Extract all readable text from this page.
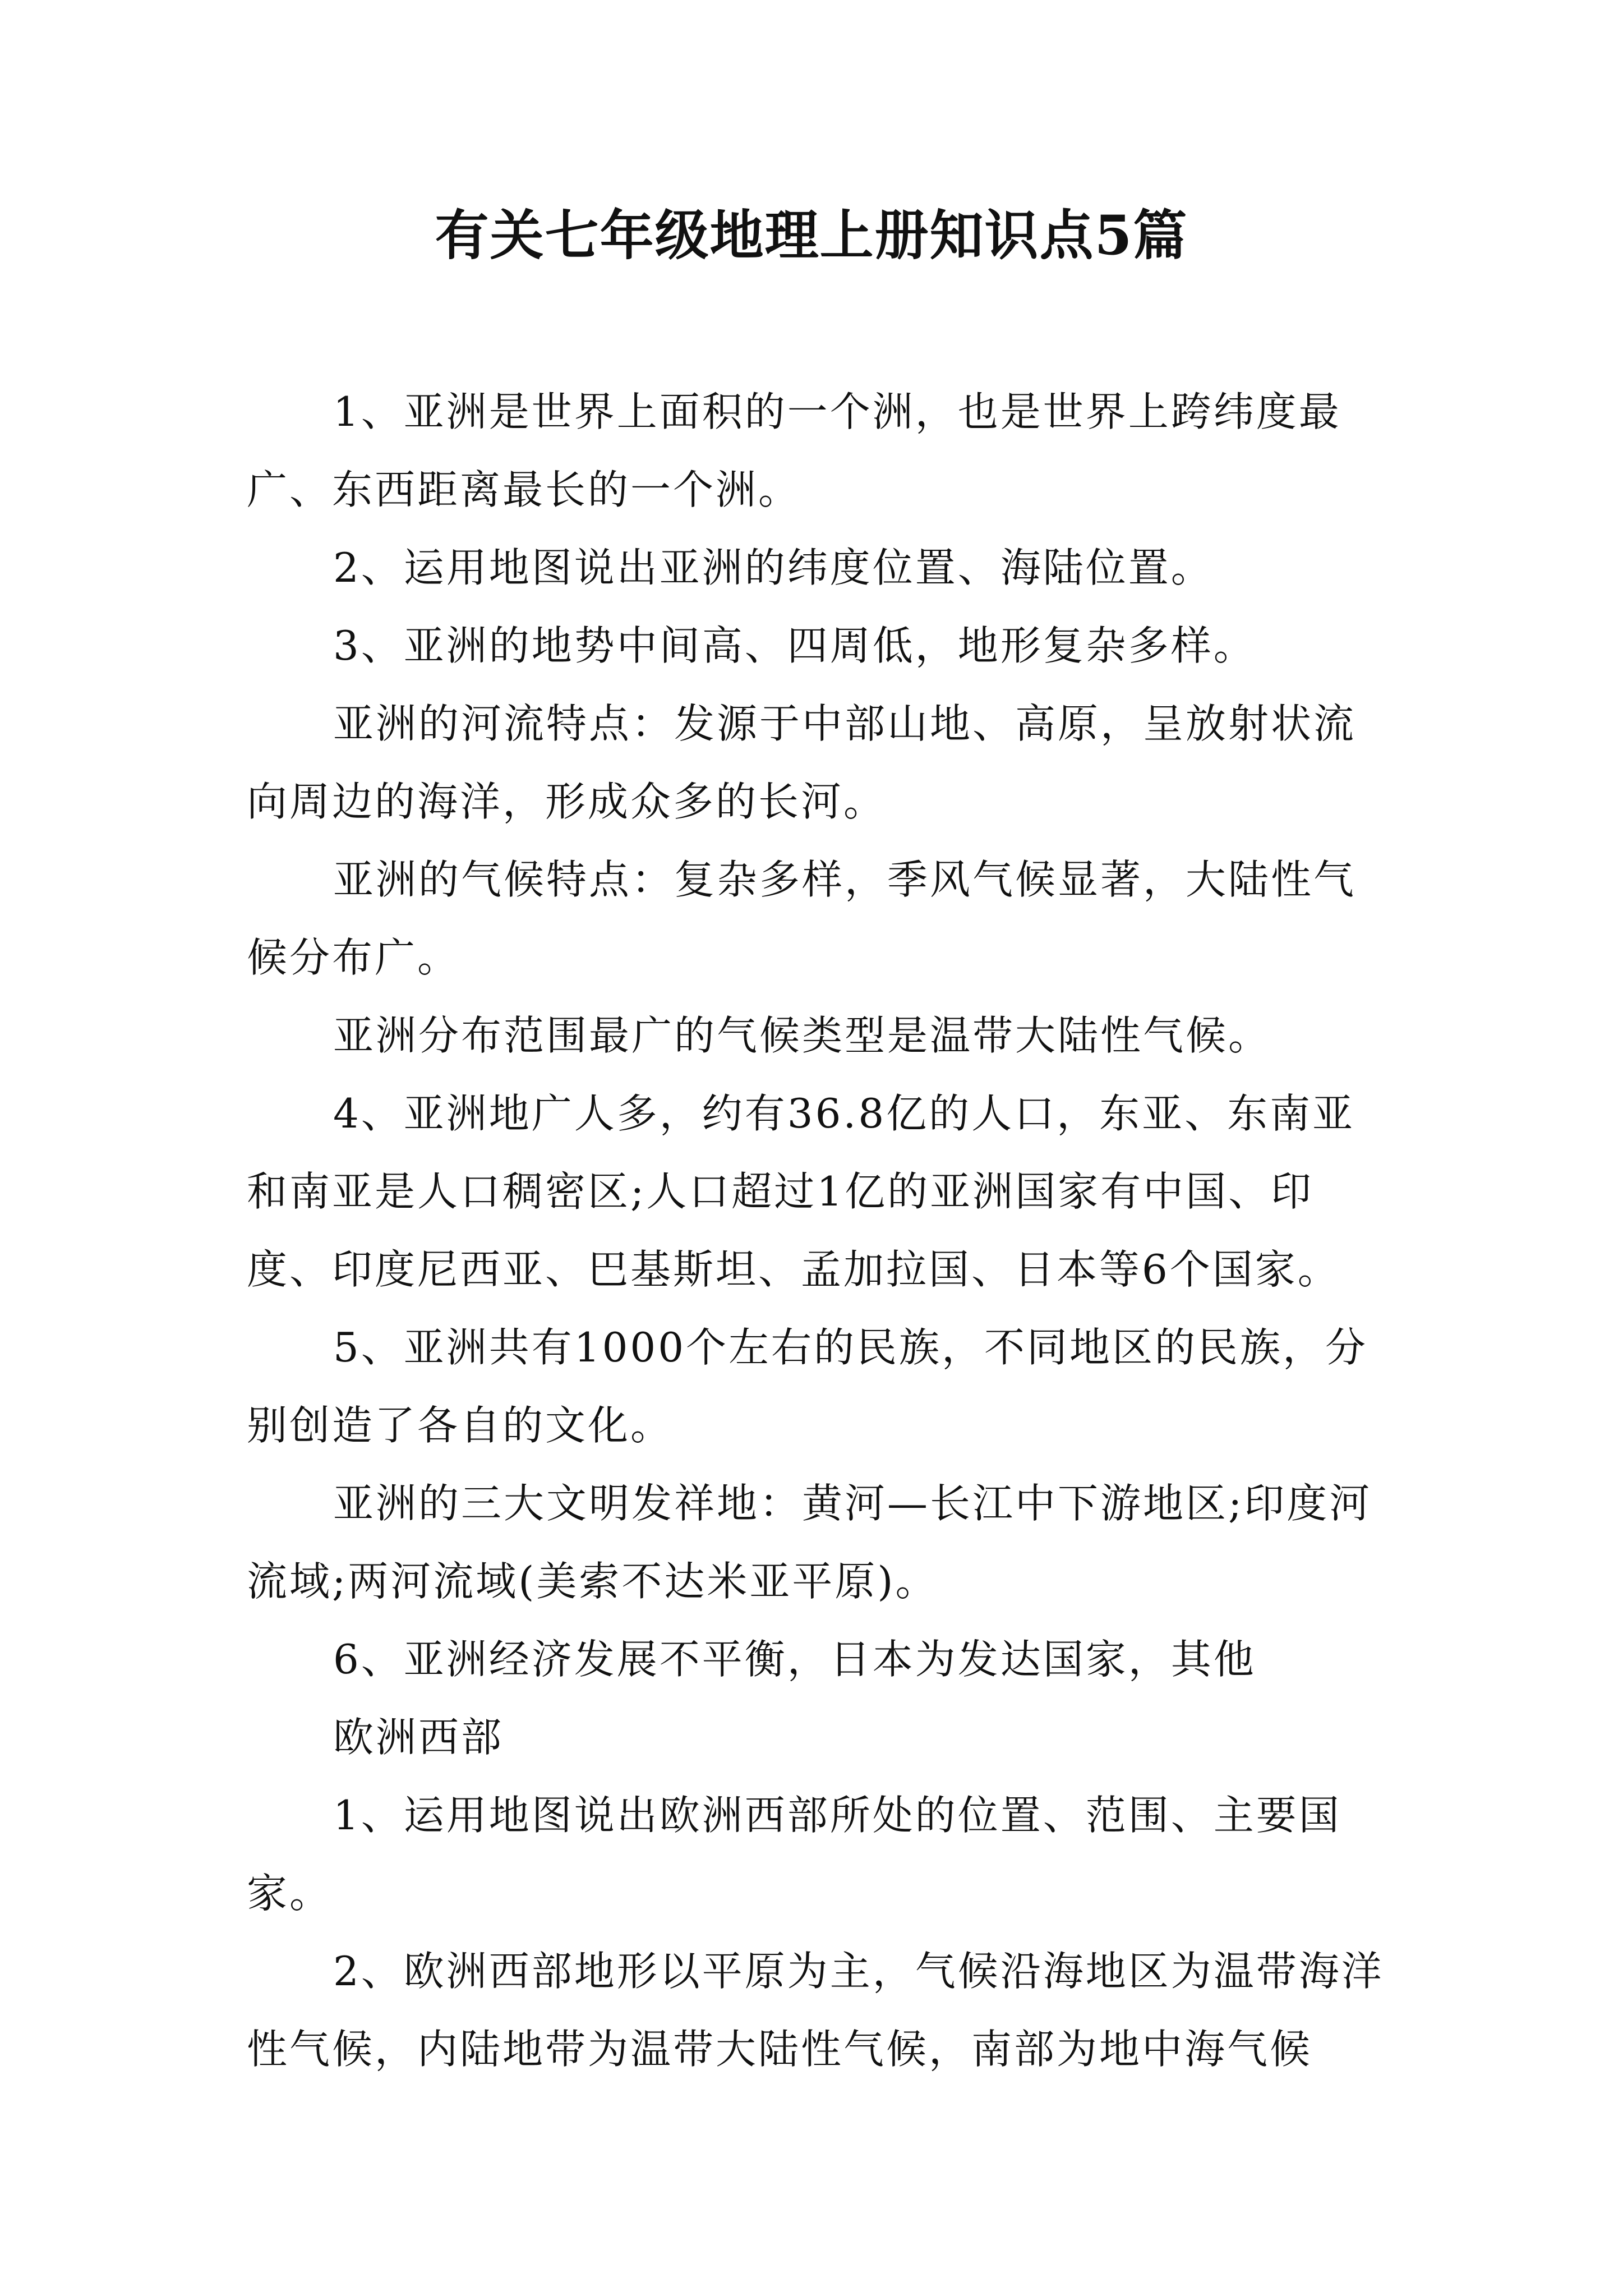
有关七年级地理上册知识点5篇

1、亚洲是世界上面积的一个洲，也是世界上跨纬度最广、东西距离最长的一个洲。

2、运用地图说出亚洲的纬度位置、海陆位置。

3、亚洲的地势中间高、四周低，地形复杂多样。

亚洲的河流特点：发源于中部山地、高原，呈放射状流向周边的海洋，形成众多的长河。

亚洲的气候特点：复杂多样，季风气候显著，大陆性气候分布广。

亚洲分布范围最广的气候类型是温带大陆性气候。

4、亚洲地广人多，约有36.8亿的人口，东亚、东南亚和南亚是人口稠密区;人口超过1亿的亚洲国家有中国、印度、印度尼西亚、巴基斯坦、孟加拉国、日本等6个国家。

5、亚洲共有1000个左右的民族，不同地区的民族，分别创造了各自的文化。

亚洲的三大文明发祥地：黄河—长江中下游地区;印度河流域;两河流域(美索不达米亚平原)。

6、亚洲经济发展不平衡，日本为发达国家，其他

欧洲西部

1、运用地图说出欧洲西部所处的位置、范围、主要国家。

2、欧洲西部地形以平原为主，气候沿海地区为温带海洋性气候，内陆地带为温带大陆性气候，南部为地中海气候
